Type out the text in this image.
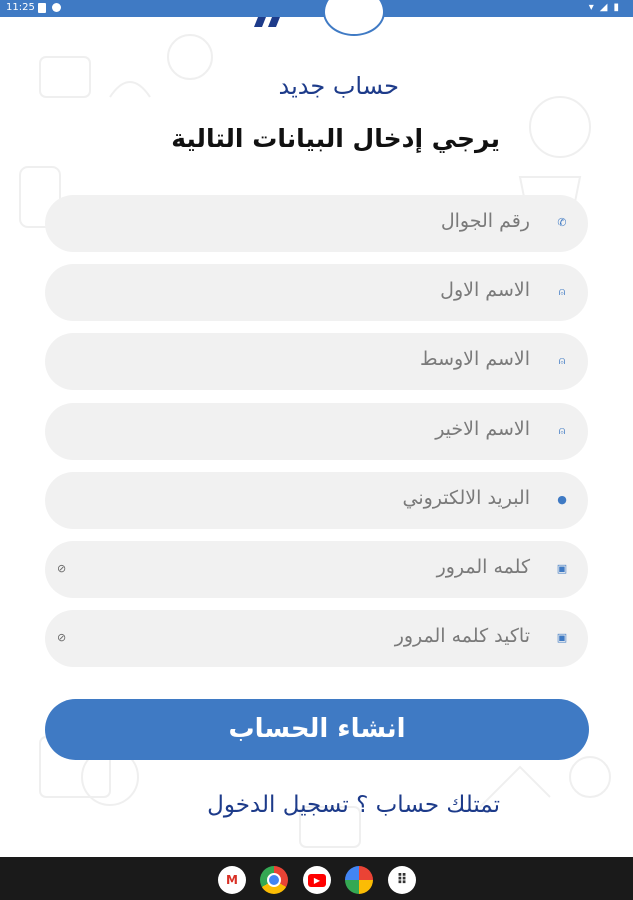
11:25	▾ ◢ ▮
حساب جديد
يرجي إدخال البيانات التالية
✆
رقم الجوال
⍝
الاسم الاول
⍝
الاسم الاوسط
⍝
الاسم الاخير
●
البريد الالكتروني
▣
كلمه المرور
⊘
▣
تاكيد كلمه المرور
⊘
انشاء الحساب
تمتلك حساب ؟ تسجيل الدخول
M	▶	⠿
